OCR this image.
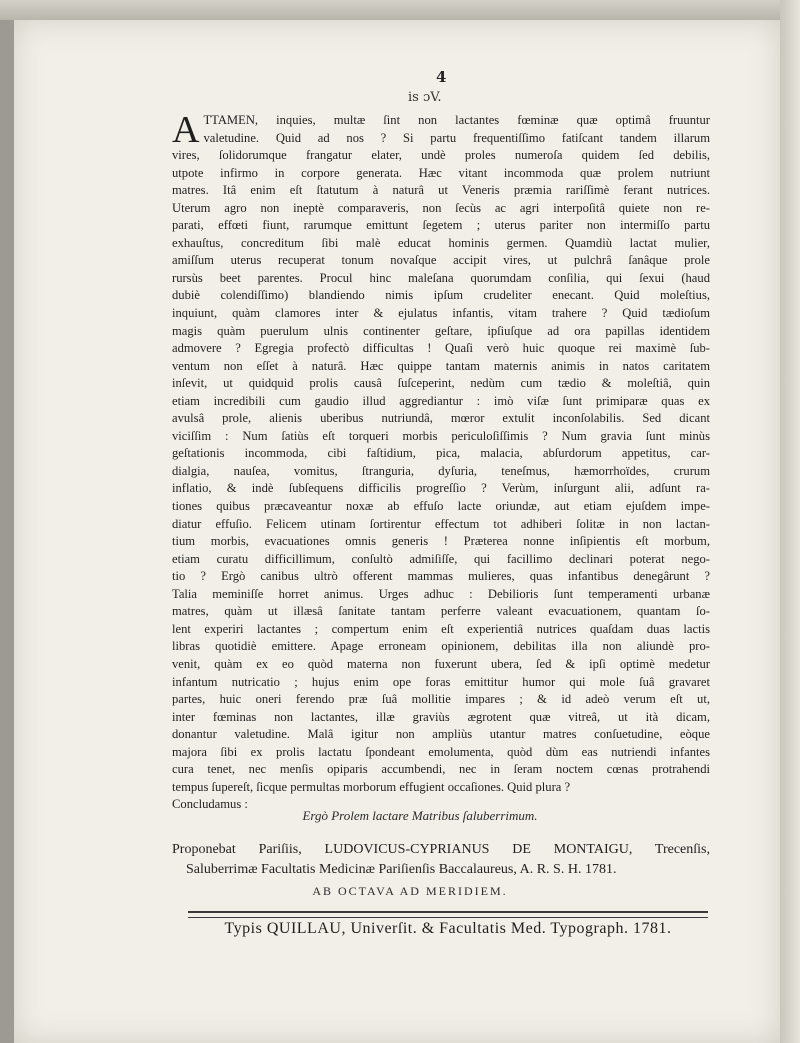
4
is ɔV.
A TTAMEN, inquies, multæ ſint non lactantes fœminæ quæ optimâ fruuntur
valetudine. Quid ad nos ? Si partu frequentiſſimo fatiſcant tandem illarum
vires, ſolidorumque frangatur elater, undè proles numeroſa quidem ſed debilis,
utpote infirmo in corpore generata. Hæc vitant incommoda quæ prolem nutriunt
matres. Itâ enim eſt ſtatutum à naturâ ut Veneris præmia rariſſimè ferant nutrices.
Uterum agro non ineptè comparaveris, non ſecùs ac agri interpoſitâ quiete non re-
parati, effœti fiunt, rarumque emittunt ſegetem ; uterus pariter non intermiſſo partu
exhauſtus, concreditum ſibi malè educat hominis germen. Quamdiù lactat mulier,
amiſſum uterus recuperat tonum novaſque accipit vires, ut pulchrâ ſanâque prole
rursùs beet parentes. Procul hinc maleſana quorumdam conſilia, qui ſexui (haud
dubiè colendiſſimo) blandiendo nimis ipſum crudeliter enecant. Quid moleſtius,
inquiunt, quàm clamores inter & ejulatus infantis, vitam trahere ? Quid tædioſum
magis quàm puerulum ulnis continenter geſtare, ipſiuſque ad ora papillas identidem
admovere ? Egregia profectò difficultas ! Quaſi verò huic quoque rei maximè ſub-
ventum non eſſet à naturâ. Hæc quippe tantam maternis animis in natos caritatem
inſevit, ut quidquid prolis causâ ſuſceperint, nedùm cum tædio & moleſtiâ, quin
etiam incredibili cum gaudio illud aggrediantur : imò viſæ ſunt primiparæ quas ex
avulsâ prole, alienis uberibus nutriundâ, mœror extulit inconſolabilis. Sed dicant
viciſſim : Num ſatiùs eſt torqueri morbis periculoſiſſimis ? Num gravia ſunt minùs
geſtationis incommoda, cibi faſtidium, pica, malacia, abſurdorum appetitus, car-
dialgia, nauſea, vomitus, ſtranguria, dyſuria, teneſmus, hæmorrhoïdes, crurum
inflatio, & indè ſubſequens difficilis progreſſio ? Verùm, inſurgunt alii, adſunt ra-
tiones quibus præcaveantur noxæ ab effuſo lacte oriundæ, aut etiam ejuſdem impe-
diatur effuſio. Felicem utinam ſortirentur effectum tot adhiberi ſolitæ in non lactan-
tium morbis, evacuationes omnis generis ! Præterea nonne inſipientis eſt morbum,
etiam curatu difficillimum, conſultò admiſiſſe, qui facillimo declinari poterat nego-
tio ? Ergò canibus ultrò offerent mammas mulieres, quas infantibus denegârunt ?
Talia meminiſſe horret animus. Urges adhuc : Debilioris ſunt temperamenti urbanæ
matres, quàm ut illæsâ ſanitate tantam perferre valeant evacuationem, quantam ſo-
lent experiri lactantes ; compertum enim eſt experientiâ nutrices quaſdam duas lactis
libras quotidiè emittere. Apage erroneam opinionem, debilitas illa non aliundè pro-
venit, quàm ex eo quòd materna non fuxerunt ubera, ſed & ipſi optimè medetur
infantum nutricatio ; hujus enim ope foras emittitur humor qui mole ſuâ gravaret
partes, huic oneri ferendo præ ſuâ mollitie impares ; & id adeò verum eſt ut,
inter fœminas non lactantes, illæ graviùs ægrotent quæ vitreâ, ut ità dicam,
donantur valetudine. Malâ igitur non ampliùs utantur matres conſuetudine, eòque
majora ſibi ex prolis lactatu ſpondeant emolumenta, quòd dùm eas nutriendi infantes
cura tenet, nec menſis opiparis accumbendi, nec in ſeram noctem cœnas protrahendi
tempus ſupereſt, ſicque permultas morborum effugient occaſiones. Quid plura ?
Concludamus :
Ergò Prolem lactare Matribus ſaluberrimum.
Proponebat Pariſiis, LUDOVICUS-CYPRIANUS DE MONTAIGU, Trecenſis,
Saluberrimæ Facultatis Medicinæ Pariſienſis Baccalaureus, A. R. S. H. 1781.
AB OCTAVA AD MERIDIEM.
Typis QUILLAU, Univerſit. & Facultatis Med. Typograph. 1781.
